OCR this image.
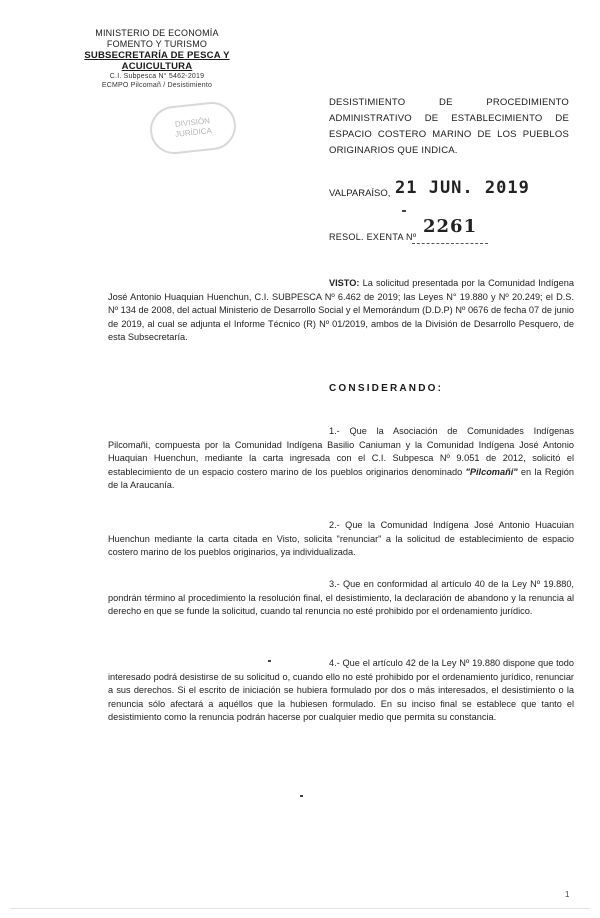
MINISTERIO DE ECONOMÍA
FOMENTO Y TURISMO
SUBSECRETARÍA DE PESCA Y ACUICULTURA
C.I. Subpesca N° 5462-2019
ECMPO Pilcomañ / Desistimiento
DIVISIÓN
JURÍDICA
DESISTIMIENTO DE PROCEDIMIENTO ADMINISTRATIVO DE ESTABLECIMIENTO DE ESPACIO COSTERO MARINO DE LOS PUEBLOS ORIGINARIOS QUE INDICA.
VALPARAÍSO, 21 JUN. 2019
2261
RESOL. EXENTA Nº
VISTO: La solicitud presentada por la Comunidad Indígena José Antonio Huaquian Huenchun, C.I. SUBPESCA Nº 6.462 de 2019; las Leyes N° 19.880 y Nº 20.249; el D.S. Nº 134 de 2008, del actual Ministerio de Desarrollo Social y el Memorándum (D.D.P) Nº 0676 de fecha 07 de junio de 2019, al cual se adjunta el Informe Técnico (R) Nº 01/2019, ambos de la División de Desarrollo Pesquero, de esta Subsecretaría.
CONSIDERANDO:
1.- Que la Asociación de Comunidades Indígenas Pilcomañi, compuesta por la Comunidad Indígena Basilio Caniuman y la Comunidad Indígena José Antonio Huaquian Huenchun, mediante la carta ingresada con el C.I. Subpesca Nº 9.051 de 2012, solicitó el establecimiento de un espacio costero marino de los pueblos originarios denominado "Pilcomañi" en la Región de la Araucanía.
2.- Que la Comunidad Indígena José Antonio Huacuian Huenchun mediante la carta citada en Visto, solicita "renunciar" a la solicitud de establecimiento de espacio costero marino de los pueblos originarios, ya individualizada.
3.- Que en conformidad al artículo 40 de la Ley Nº 19.880, pondrán término al procedimiento la resolución final, el desistimiento, la declaración de abandono y la renuncia al derecho en que se funde la solicitud, cuando tal renuncia no esté prohibido por el ordenamiento jurídico.
4.- Que el artículo 42 de la Ley Nº 19.880 dispone que todo interesado podrá desistirse de su solicitud o, cuando ello no esté prohibido por el ordenamiento jurídico, renunciar a sus derechos. Si el escrito de iniciación se hubiera formulado por dos o más interesados, el desistimiento o la renuncia sólo afectará a aquéllos que la hubiesen formulado. En su inciso final se establece que tanto el desistimiento como la renuncia podrán hacerse por cualquier medio que permita su constancia.
1
